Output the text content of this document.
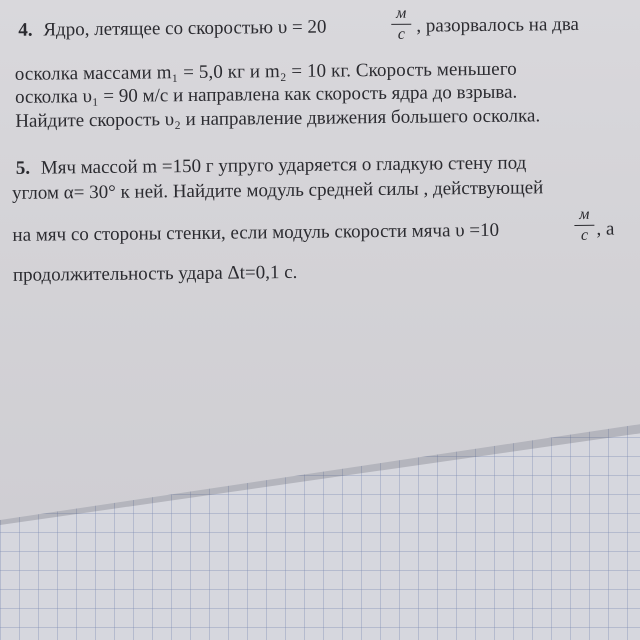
4. Ядро, летящее со скоростью υ = 20
м
с , разорвалось на два
осколка массами m₁ = 5,0 кг и m₂ = 10 кг. Скорость меньшего
осколка υ₁ = 90 м/с и направлена как скорость ядра до взрыва.
Найдите скорость υ₂ и направление движения большего осколка.
5. Мяч массой m =150 г упруго ударяется о гладкую стену под
углом α= 30° к ней. Найдите модуль средней силы , действующей
на мяч со стороны стенки, если модуль скорости мяча υ =10
м
с , а
продолжительность удара Δt=0,1 с.
